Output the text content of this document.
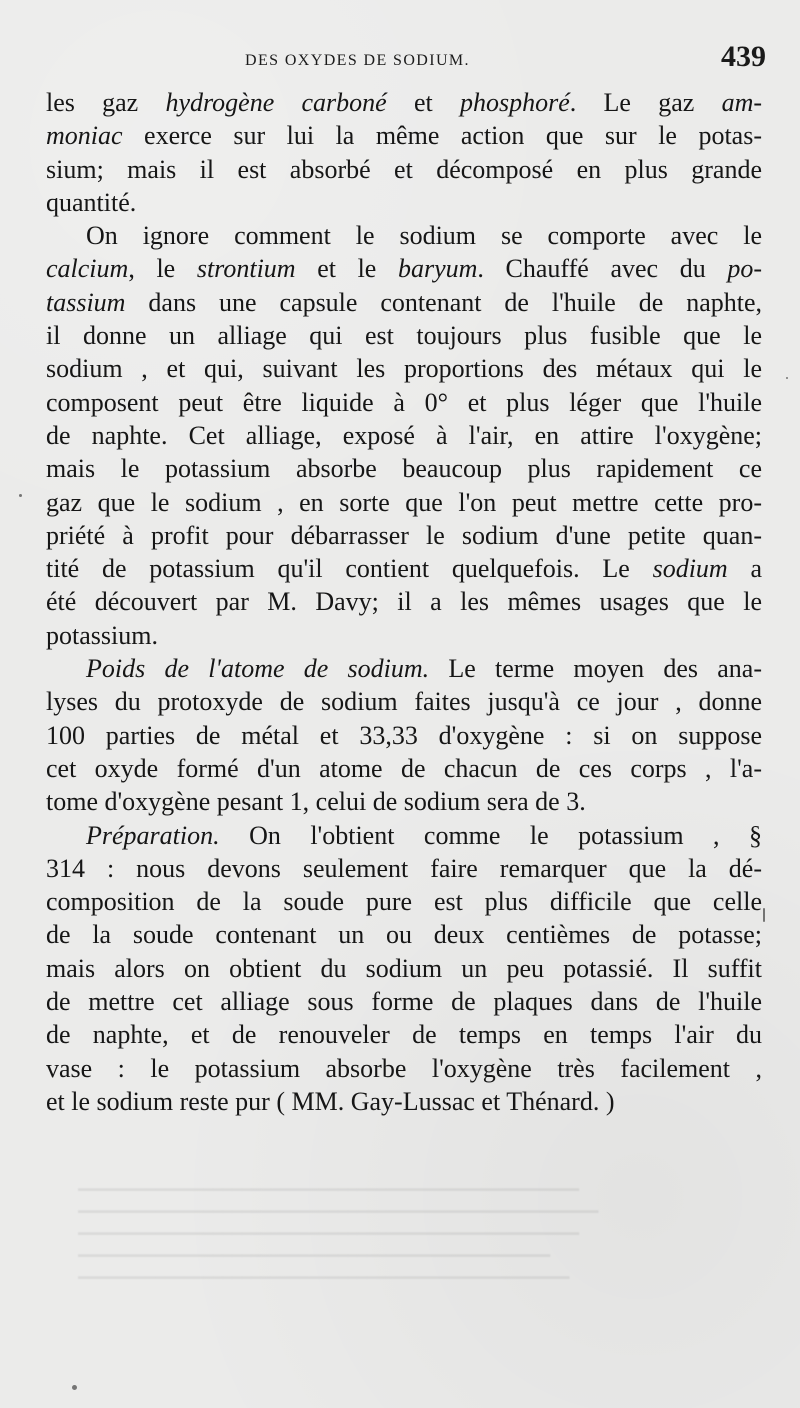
DES OXYDES DE SODIUM.	439
les gaz hydrogène carboné et phosphoré. Le gaz am-
moniac exerce sur lui la même action que sur le potas-
sium; mais il est absorbé et décomposé en plus grande
quantité.
On ignore comment le sodium se comporte avec le
calcium, le strontium et le baryum. Chauffé avec du po-
tassium dans une capsule contenant de l'huile de naphte,
il donne un alliage qui est toujours plus fusible que le
sodium , et qui, suivant les proportions des métaux qui le
composent peut être liquide à 0° et plus léger que l'huile
de naphte. Cet alliage, exposé à l'air, en attire l'oxygène;
mais le potassium absorbe beaucoup plus rapidement ce
gaz que le sodium , en sorte que l'on peut mettre cette pro-
priété à profit pour débarrasser le sodium d'une petite quan-
tité de potassium qu'il contient quelquefois. Le sodium a
été découvert par M. Davy; il a les mêmes usages que le
potassium.
Poids de l'atome de sodium. Le terme moyen des ana-
lyses du protoxyde de sodium faites jusqu'à ce jour , donne
100 parties de métal et 33,33 d'oxygène : si on suppose
cet oxyde formé d'un atome de chacun de ces corps , l'a-
tome d'oxygène pesant 1, celui de sodium sera de 3.
Préparation. On l'obtient comme le potassium , §
314 : nous devons seulement faire remarquer que la dé-
composition de la soude pure est plus difficile que celle
de la soude contenant un ou deux centièmes de potasse;
mais alors on obtient du sodium un peu potassié. Il suffit
de mettre cet alliage sous forme de plaques dans de l'huile
de naphte, et de renouveler de temps en temps l'air du
vase : le potassium absorbe l'oxygène très facilement ,
et le sodium reste pur ( MM. Gay-Lussac et Thénard. )
━━━━━━━━━━━━━━━━━━━━━━━━━━━━━━━━━━━━━━━━━━━━━━━━━━━━
━━━━━━━━━━━━━━━━━━━━━━━━━━━━━━━━━━━━━━━━━━━━━━━━━━━━━━
━━━━━━━━━━━━━━━━━━━━━━━━━━━━━━━━━━━━━━━━━━━━━━━━━━━━
━━━━━━━━━━━━━━━━━━━━━━━━━━━━━━━━━━━━━━━━━━━━━━━━━
━━━━━━━━━━━━━━━━━━━━━━━━━━━━━━━━━━━━━━━━━━━━━━━━━━━
